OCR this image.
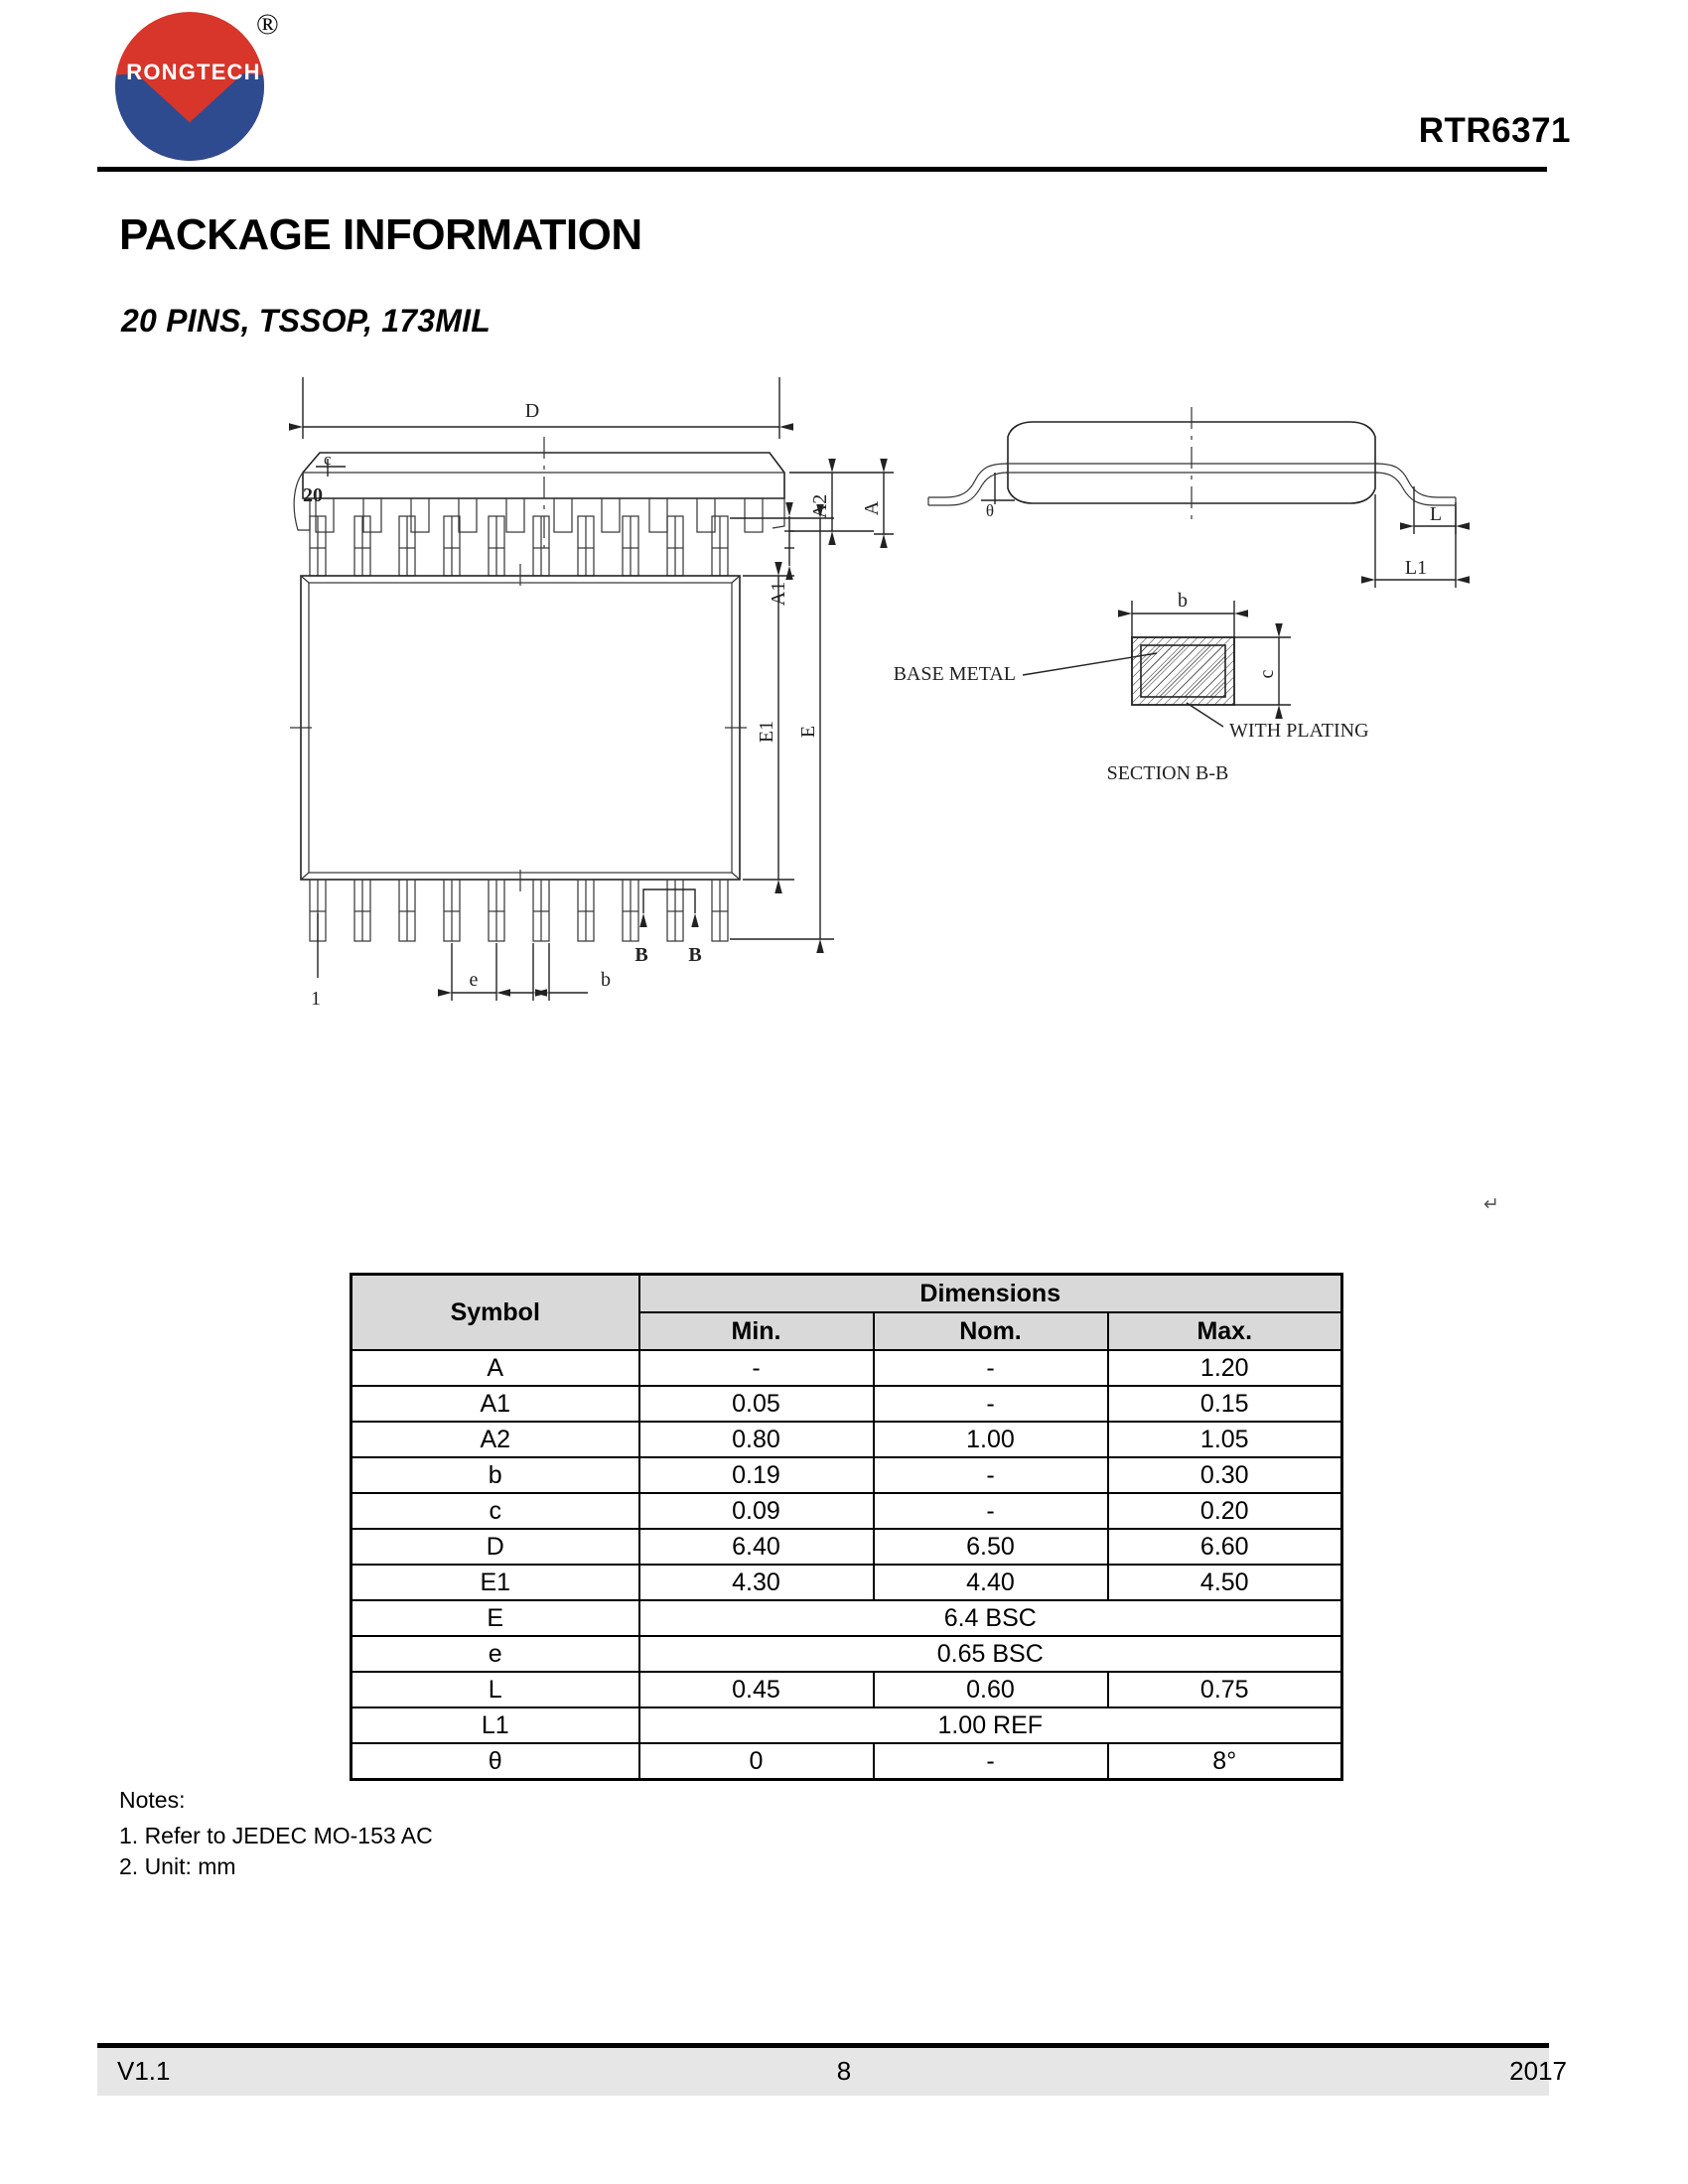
RONGTECH
®
RTR6371
PACKAGE INFORMATION
20 PINS, TSSOP, 173MIL
D
c
A2 A
A1
θ	L
L1
20
E1 E
1
e	b
B B
b
c
BASE METAL
WITH PLATING
SECTION B-B
↵
Symbol	Dimensions		
	Min.	Nom.	Max.
A	-	-	1.20
A1	0.05	-	0.15
A2	0.80	1.00	1.05
b	0.19	-	0.30
c	0.09	-	0.20
D	6.40	6.50	6.60
E1	4.30	4.40	4.50
E	6.4 BSC		
e	0.65 BSC		
L	0.45	0.60	0.75
L1	1.00 REF		
θ	0	-	8°
Notes:
1. Refer to JEDEC MO-153 AC
2. Unit: mm
V1.1	8	2017
